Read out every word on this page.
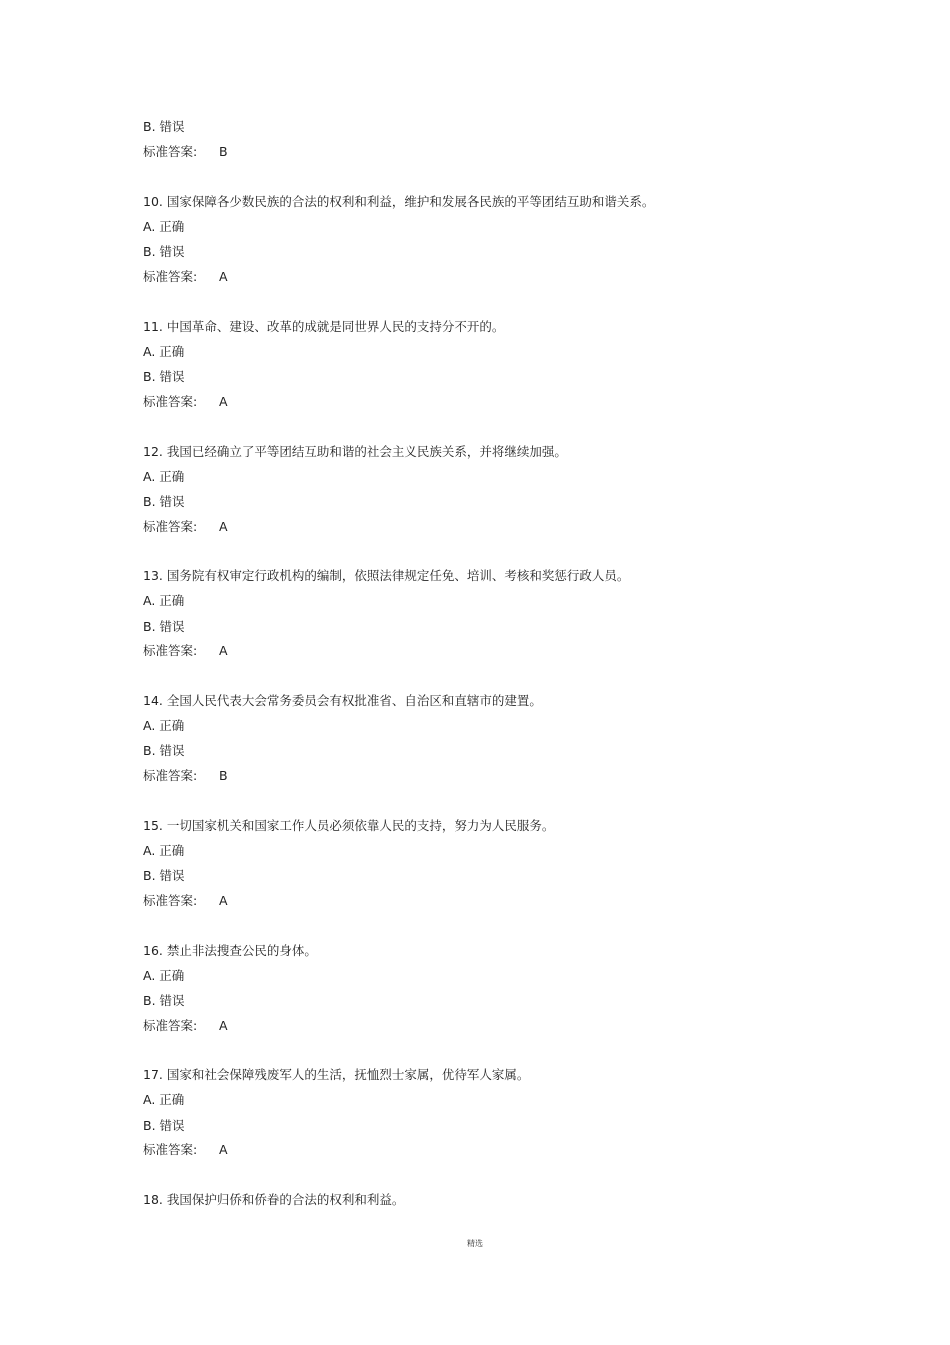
B. 错误
标准答案: B
10. 国家保障各少数民族的合法的权利和利益，维护和发展各民族的平等团结互助和谐关系。
A. 正确
B. 错误
标准答案: A
11. 中国革命、建设、改革的成就是同世界人民的支持分不开的。
A. 正确
B. 错误
标准答案: A
12. 我国已经确立了平等团结互助和谐的社会主义民族关系，并将继续加强。
A. 正确
B. 错误
标准答案: A
13. 国务院有权审定行政机构的编制，依照法律规定任免、培训、考核和奖惩行政人员。
A. 正确
B. 错误
标准答案: A
14. 全国人民代表大会常务委员会有权批准省、自治区和直辖市的建置。
A. 正确
B. 错误
标准答案: B
15. 一切国家机关和国家工作人员必须依靠人民的支持，努力为人民服务。
A. 正确
B. 错误
标准答案: A
16. 禁止非法搜查公民的身体。
A. 正确
B. 错误
标准答案: A
17. 国家和社会保障残废军人的生活，抚恤烈士家属，优待军人家属。
A. 正确
B. 错误
标准答案: A
18. 我国保护归侨和侨眷的合法的权利和利益。
精选
